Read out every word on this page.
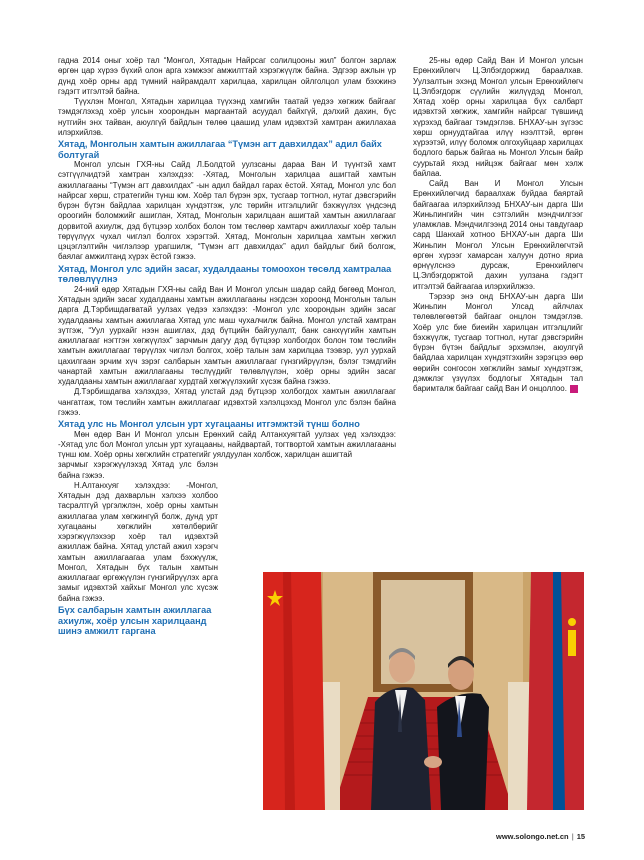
гадна 2014 оныг хоёр тал “Монгол, Хятадын Найрсаг солилцооны жил” болгон зарлаж өргөн цар хүрээ бүхий олон арга хэмжээг амжилттай хэрэгжүүлж байна. Эдгээр ажлын үр дүнд хоёр орны ард түмний найрамдалт харилцаа, харилцан ойлголцол улам бэхжинэ гэдэгт итгэлтэй байна.

Түүхлэн Монгол, Хятадын харилцаа түүхэнд хамгийн таатай үедээ хөгжиж байгааг тэмдэглэхэд хоёр улсын хоорондын маргаантай асуудал байхгүй, дэлхий дахин, бүс нутгийн энх тайван, аюулгүй байдлын төлөө цаашид улам идэвхтэй хамтран ажиллахаа илэрхийлэв.

Хятад, Монголын хамтын ажиллагаа “Түмэн агт давхилдах” адил байх болтугай

Монгол улсын ГХЯ-ны Сайд Л.Болдтой уулзсаны дараа Ван И түүнтэй хамт сэтгүүлчидтэй хамтран хэлэхдээ: -Хятад, Монголын харилцаа ашигтай хамтын ажиллагааны “Түмэн агт давхилдах” -ын адил байдал гарах ёстой. Хятад, Монгол улс бол найрсаг хөрш, стратегийн түнш юм. Хоёр тал бүрэн эрх, тусгаар тогтнол, нутаг дэвсгэрийн бүрэн бүтэн байдлаа харилцан хүндэтгэж, улс төрийн итгэлцлийг бэхжүүлэх үндсэнд ороогийн боломжийг ашиглан, Хятад, Монголын харилцаан ашигтай хамтын ажиллагааг дорвитой ахиулж, дэд бүтцээр холбох болон том төслөөр хамтарч ажиллахыг хоёр талын төрүүлүүх чухал чиглэл болгох хэрэгтэй. Хятад, Монголын харилцаа хамтын хөгжил цэцэглэлтийн чиглэлээр урагшилж, “Түмэн агт давхилдах” адил байдлыг бий болгож, баялаг амжилтанд хүрэх ёстой гэжээ.

Хятад, Монгол улс эдийн засаг, худалдааны томоохон төсөлд хамтралаа төлөвлүүлнэ

24-ний өдөр Хятадын ГХЯ-ны сайд Ван И Монгол улсын шадар сайд бөгөөд Монгол, Хятадын эдийн засаг худалдааны хамтын ажиллагааны нэгдсэн хороонд Монголын талын дарга Д.Тэрбишдагватай уулзах үедээ хэлэхдээ: -Монгол улс хоорондын эдийн засаг худалдааны хамтын ажиллагаа Хятад улс маш чухалчилж байна. Монгол улстай хамтран зүтгэж, “Уул уурхайг нээн ашиглах, дэд бүтцийн байгуулалт, банк санхүүгийн хамтын ажиллагааг нэгтгэн хөгжүүлэх” зарчмын дагуу дэд бүтцээр холбогдох болон том төслийн хамтын ажиллагааг төрүүлэх чиглэл болгох, хоёр талын зам харилцаа тээвэр, уул уурхай цахилгаан эрчим хүч зэрэг салбарын хамтын ажиллагааг гүнзгийрүүлэн, бэлэг тэмдгийн чанартай хамтын ажиллагааны төслүүдийг төлөвлүүлэн, хоёр орны эдийн засаг худалдааны хамтын ажиллагааг хурдтай хөгжүүлэхийг хүсэж байна гэжээ.

Д.Тэрбишдагва хэлэхдээ, Хятад улстай дэд бүтцээр холбогдох хамтын ажиллагааг чангатгаж, том төслийн хамтын ажиллагааг идэвхтэй хэлэлцэхэд Монгол улс бэлэн байна гэжээ.

Хятад улс нь Монгол улсын урт хугацааны итгэмжтэй түнш болно

Мөн өдөр Ван И Монгол улсын Ерөнхий сайд Алтанхуягтай уулзах үед хэлэхдээ: -Хятад улс бол Монгол улсын урт хугацааны, найдвартай, тогтвортой хамтын ажиллагааны түнш юм. Хоёр орны хөгжлийн стратегийг уялдуулан холбож, харилцан ашигтай

зарчмыг хэрэгжүүлэхэд Хятад улс бэлэн байна гэжээ.

Н.Алтанхуяг хэлэхдээ: -Монгол, Хятадын дэд дахварлын хэлхээ холбоо тасралтгүй үргэлжлэн, хоёр орны хамтын ажиллагаа улам хөгжингүй болж, дунд урт хугацааны хөгжлийн хөтөлбөрийг хэрэгжүүлэхээр хоёр тал идэвхтэй ажиллаж байна. Хятад улстай ажил хэрэгч хамтын ажиллагаагаа улам бэхжүүлж, Монгол, Хятадын бүх талын хамтын ажиллагааг өргөжүүлэн гүнзгийрүүлэх арга замыг идэвхтэй хайхыг Монгол улс хүсэж байна гэжээ.

Бүх салбарын хамтын ажиллагаа ахиулж, хоёр улсын харилцаанд шинэ амжилт гаргана

25-ны өдөр Сайд Ван И Монгол улсын Ерөнхийлөгч Ц.Элбэгдоржид бараалхав. Уулзалтын эхэнд Монгол улсын Ерөнхийлөгч Ц.Элбэгдорж сүүлийн жилүүдэд Монгол, Хятад хоёр орны харилцаа бүх салбарт идэвхтэй хөгжиж, хамгийн найрсаг түвшинд хүрэхэд байгааг тэмдэглэв. БНХАУ-ын зүгээс хөрш орнуудтайгаа илүү нээлттэй, өргөн хүрээтэй, илүү боломж олгохуйцаар харилцах бодлого барьж байгаа нь Монгол Улсын байр суурьтай яхэд нийцэж байгааг мөн хэлж байлаа.

Сайд Ван И Монгол Улсын Ерөнхийлөгчид бараалхаж буйдаа баяртай байгаагаа илэрхийлээд БНХАУ-ын дарга Ши Жиньпингийн чин сэтгэлийн мэндчилгээг уламжлав. Мэндчилгээнд 2014 оны тавдугаар сард Шанхай хотноо БНХАУ-ын дарга Ши Жиньпин Монгол Улсын Ерөнхийлөгчтэй өргөн хүрээг хамарсан халуун дотно яриа өрнүүлснээ дурсаж, Ерөнхийлөгч Ц.Элбэгдоржтой дахин уулзана гэдэгт итгэлтэй байгаагаа илэрхийлжээ.

Тэрээр энэ онд БНХАУ-ын дарга Ши Жиньпин Монгол Улсад айлчлах төлөвлөгөөтэй байгааг онцлон тэмдэглэв. Хоёр улс бие биеийн харилцан итгэлцлийг бэхжүүлж, тусгаар тогтнол, нутаг дэвсгэрийн бүрэн бүтэн байдлыг эрхэмлэн, аюулгүй байдлаа харилцан хүндэтгэхийн зэрэгцээ өөр өөрийн сонгосон хөгжлийн замыг хүндэтгэж, дэмжлэг үзүүлэх бодлогыг Хятадын тал баримталж байгааг сайд Ван И онцоллоо.

www.solongo.net.cn | 15
